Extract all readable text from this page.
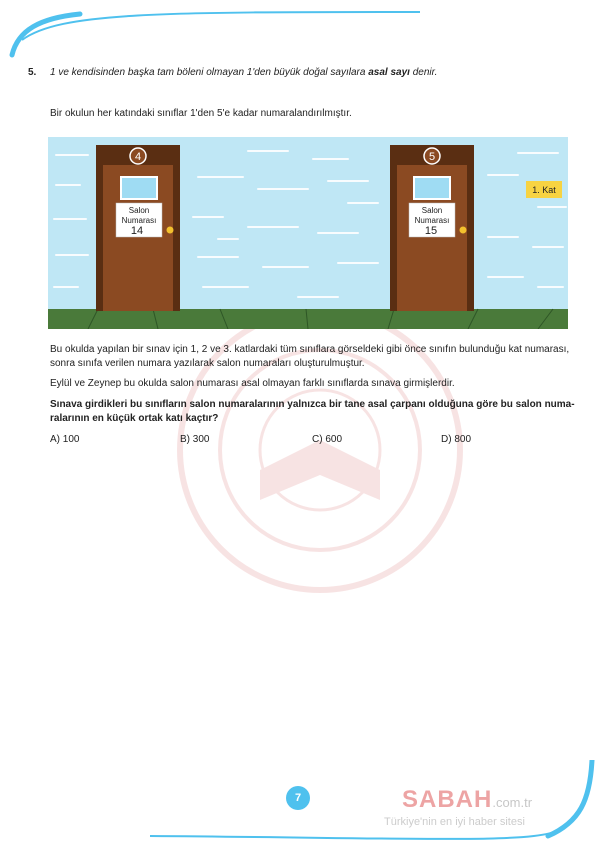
5. 1 ve kendisinden başka tam böleni olmayan 1'den büyük doğal sayılara asal sayı denir.
Bir okulun her katındaki sınıflar 1'den 5'e kadar numaralandırılmıştır.
4
Salon
Numarası
14
5
Salon
Numarası
15
1. Kat
Bu okulda yapılan bir sınav için 1, 2 ve 3. katlardaki tüm sınıflara görseldeki gibi önce sınıfın bulunduğu kat numarası,
sonra sınıfa verilen numara yazılarak salon numaraları oluşturulmuştur.
Eylül ve Zeynep bu okulda salon numarası asal olmayan farklı sınıflarda sınava girmişlerdir.
Sınava girdikleri bu sınıfların salon numaralarının yalnızca bir tane asal çarpanı olduğuna göre bu salon numa-
ralarının en küçük ortak katı kaçtır?
A) 100	B) 300	C) 600	D) 800
7	SABAH.com.tr
Türkiye'nin en iyi haber sitesi
